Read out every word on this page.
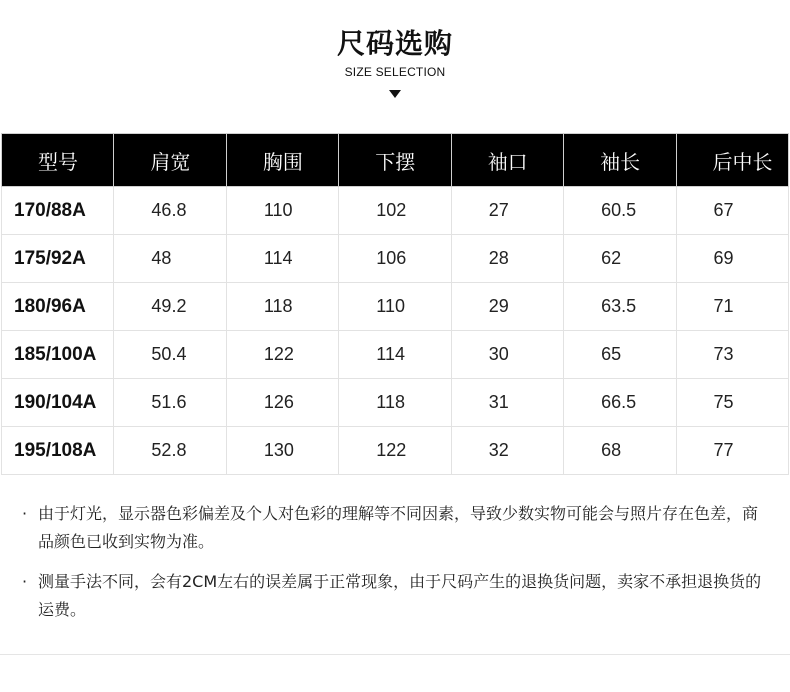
尺码选购
SIZE SELECTION
型号	肩宽	胸围	下摆	袖口	袖长	后中长
170/88A	46.8	110	102	27	60.5	67
175/92A	48	114	106	28	62	69
180/96A	49.2	118	110	29	63.5	71
185/100A	50.4	122	114	30	65	73
190/104A	51.6	126	118	31	66.5	75
195/108A	52.8	130	122	32	68	77
· 由于灯光，显示器色彩偏差及个人对色彩的理解等不同因素，导致少数实物可能会与照片存在色差，商品颜色已收到实物为准。
· 测量手法不同，会有2CM左右的误差属于正常现象，由于尺码产生的退换货问题，卖家不承担退换货的运费。
